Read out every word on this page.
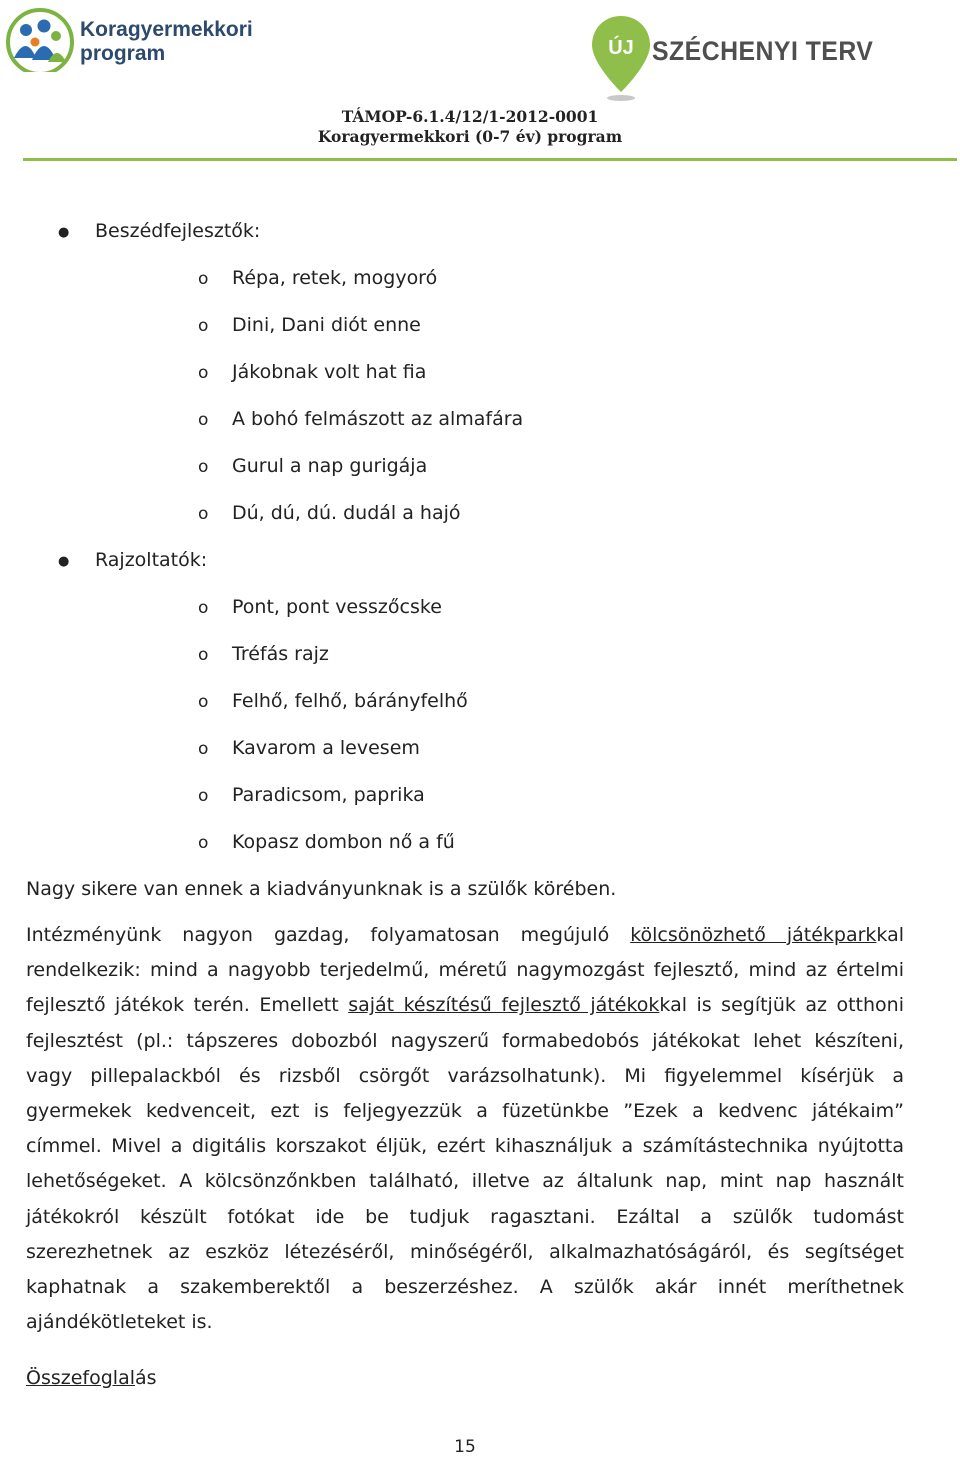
Koragyermekkori
program	ÚJ SZÉCHENYI TERV
TÁMOP-6.1.4/12/1-2012-0001
Koragyermekkori (0-7 év) program
● Beszédfejlesztők:
o Répa, retek, mogyoró
o Dini, Dani diót enne
o Jákobnak volt hat fia
o A bohó felmászott az almafára
o Gurul a nap gurigája
o Dú, dú, dú. dudál a hajó
● Rajzoltatók:
o Pont, pont vesszőcske
o Tréfás rajz
o Felhő, felhő, bárányfelhő
o Kavarom a levesem
o Paradicsom, paprika
o Kopasz dombon nő a fű
Nagy sikere van ennek a kiadványunknak is a szülők körében.
Intézményünk nagyon gazdag, folyamatosan megújuló kölcsönözhető játékparkkal
rendelkezik: mind a nagyobb terjedelmű, méretű nagymozgást fejlesztő, mind az értelmi
fejlesztő játékok terén. Emellett saját készítésű fejlesztő játékokkal is segítjük az otthoni
fejlesztést (pl.: tápszeres dobozból nagyszerű formabedobós játékokat lehet készíteni,
vagy pillepalackból és rizsből csörgőt varázsolhatunk). Mi figyelemmel kísérjük a
gyermekek kedvenceit, ezt is feljegyezzük a füzetünkbe ”Ezek a kedvenc játékaim”
címmel. Mivel a digitális korszakot éljük, ezért kihasználjuk a számítástechnika nyújtotta
lehetőségeket. A kölcsönzőnkben található, illetve az általunk nap, mint nap használt
játékokról készült fotókat ide be tudjuk ragasztani. Ezáltal a szülők tudomást
szerezhetnek az eszköz létezéséről, minőségéről, alkalmazhatóságáról, és segítséget
kaphatnak a szakemberektől a beszerzéshez. A szülők akár innét meríthetnek
ajándékötleteket is.
Összefoglalás
15
